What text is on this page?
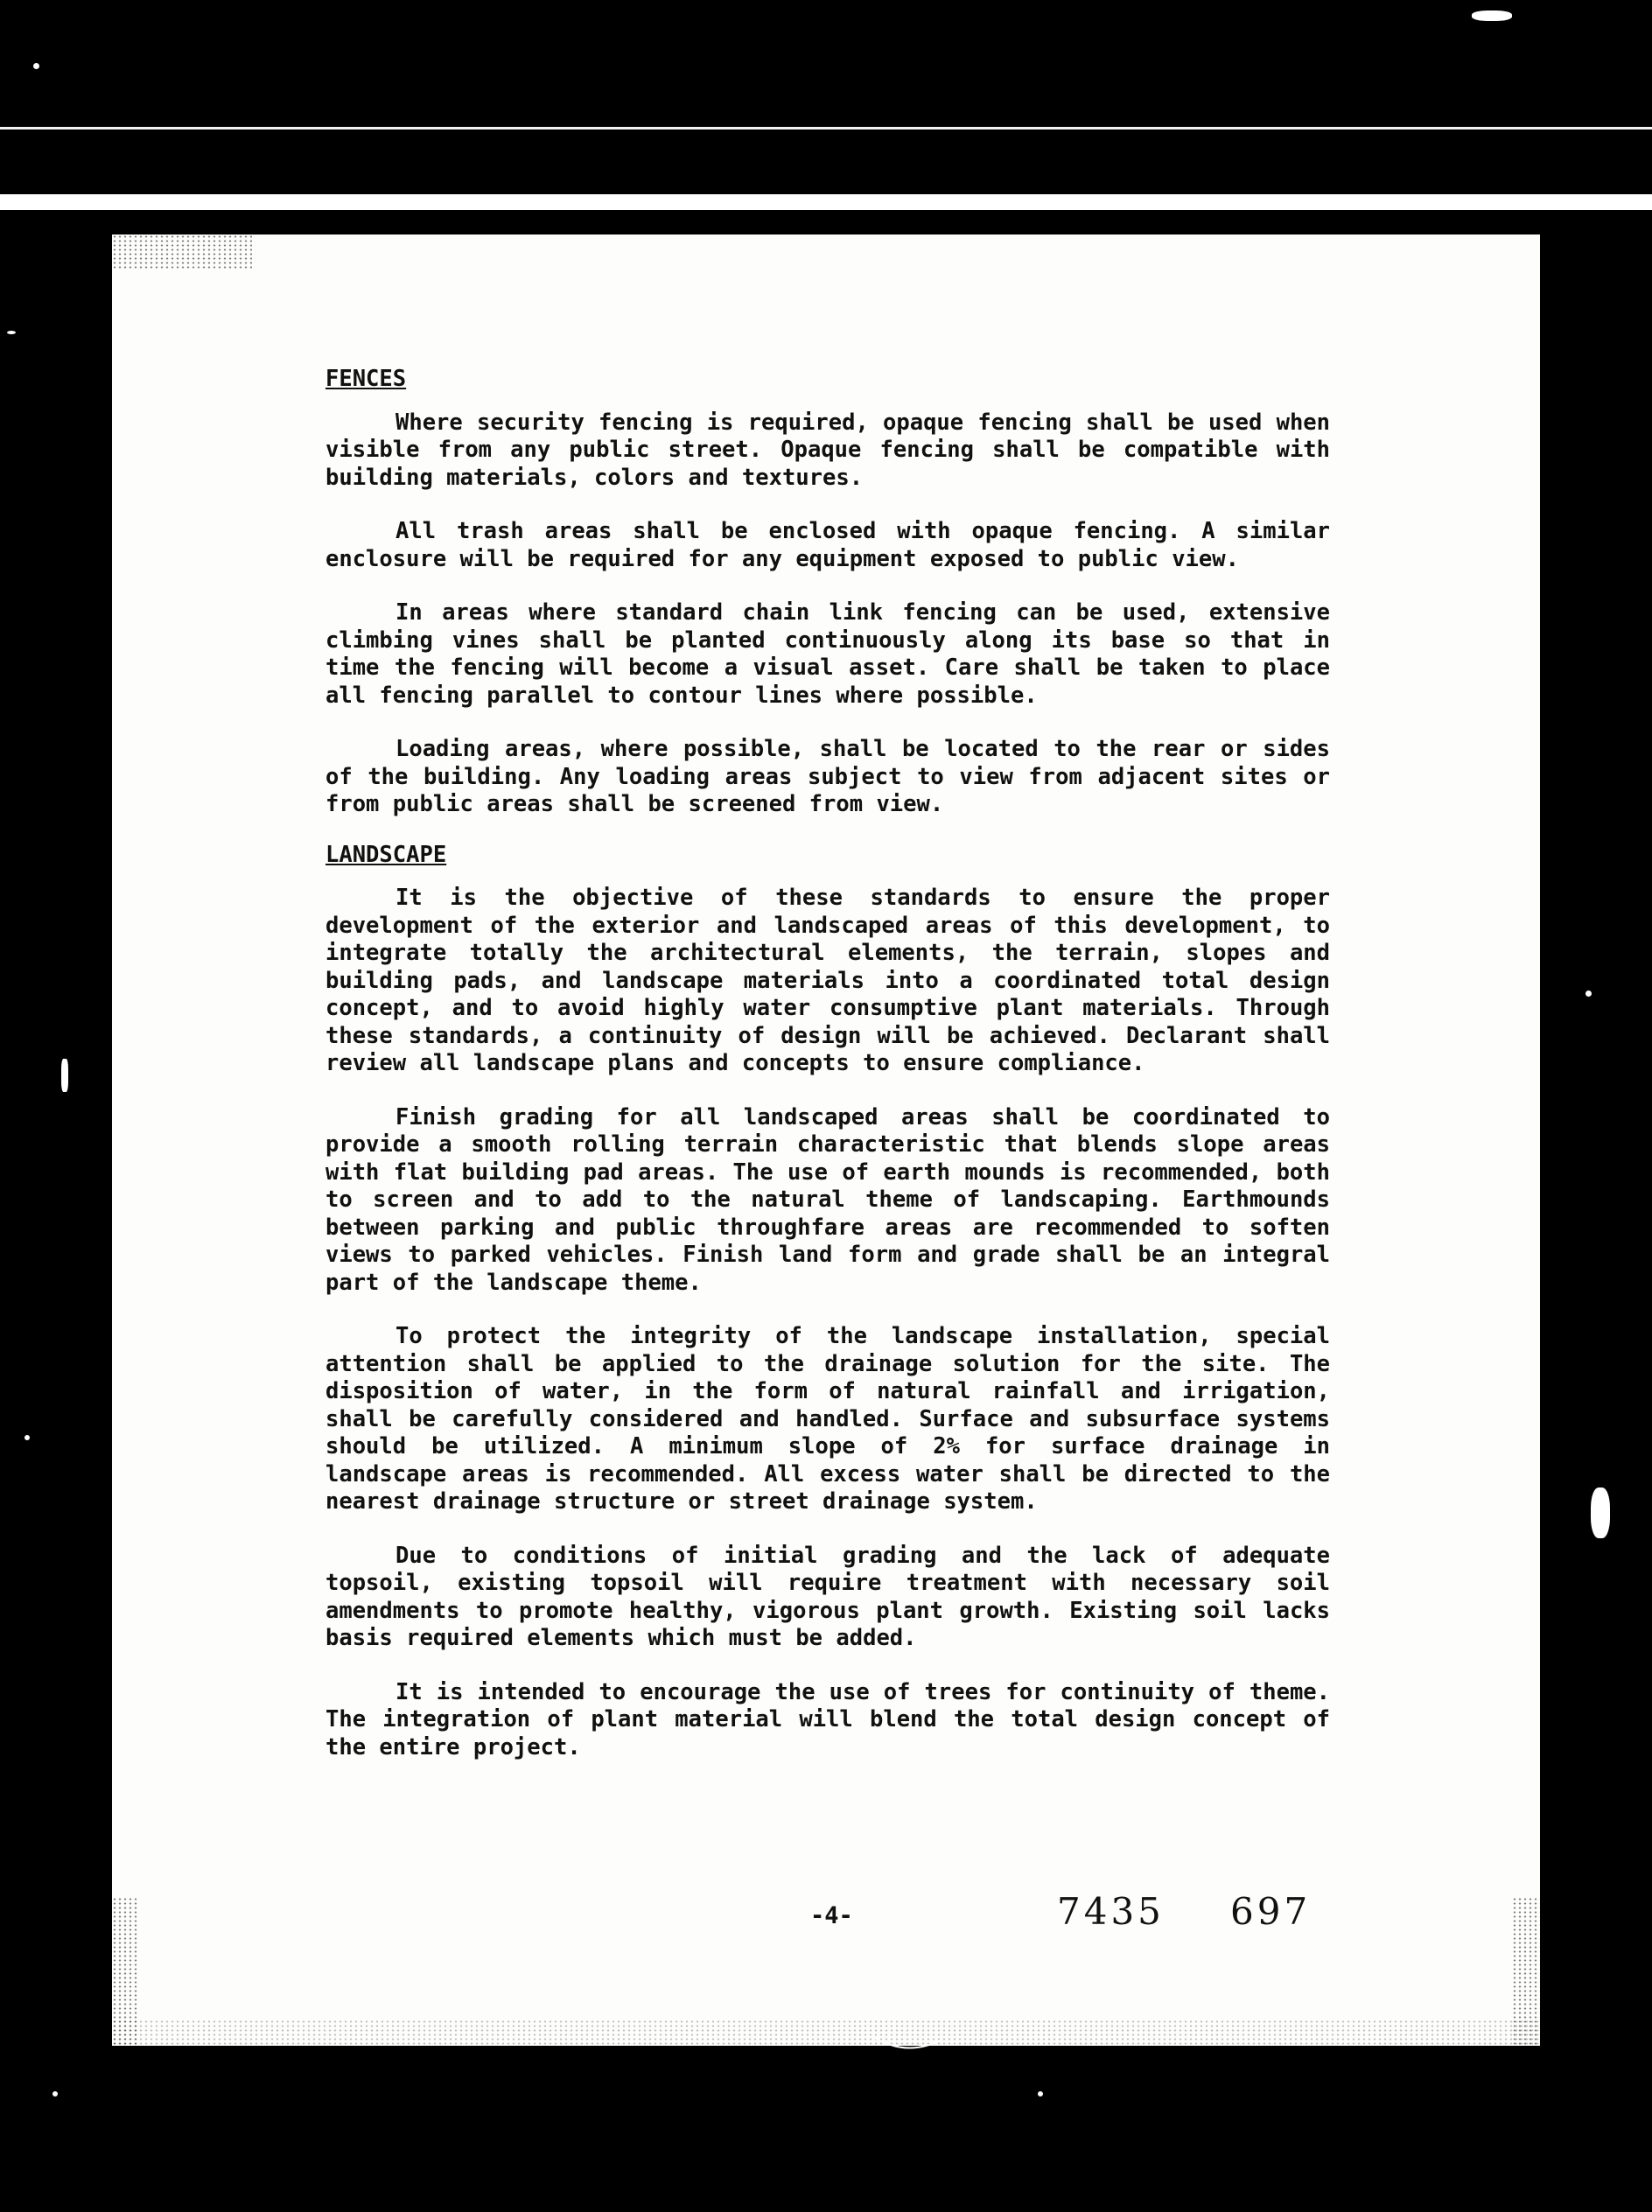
FENCES

Where security fencing is required, opaque fencing shall be used when visible from any public street. Opaque fencing shall be compatible with building materials, colors and textures.

All trash areas shall be enclosed with opaque fencing. A similar enclosure will be required for any equipment exposed to public view.

In areas where standard chain link fencing can be used, extensive climbing vines shall be planted continuously along its base so that in time the fencing will become a visual asset. Care shall be taken to place all fencing parallel to contour lines where possible.

Loading areas, where possible, shall be located to the rear or sides of the building. Any loading areas subject to view from adjacent sites or from public areas shall be screened from view.

LANDSCAPE

It is the objective of these standards to ensure the proper development of the exterior and landscaped areas of this development, to integrate totally the architectural elements, the terrain, slopes and building pads, and landscape materials into a coordinated total design concept, and to avoid highly water consumptive plant materials. Through these standards, a continuity of design will be achieved. Declarant shall review all landscape plans and concepts to ensure compliance.

Finish grading for all landscaped areas shall be coordinated to provide a smooth rolling terrain characteristic that blends slope areas with flat building pad areas. The use of earth mounds is recommended, both to screen and to add to the natural theme of landscaping. Earthmounds between parking and public throughfare areas are recommended to soften views to parked vehicles. Finish land form and grade shall be an integral part of the landscape theme.

To protect the integrity of the landscape installation, special attention shall be applied to the drainage solution for the site. The disposition of water, in the form of natural rainfall and irrigation, shall be carefully considered and handled. Surface and subsurface systems should be utilized. A minimum slope of 2% for surface drainage in landscape areas is recommended. All excess water shall be directed to the nearest drainage structure or street drainage system.

Due to conditions of initial grading and the lack of adequate topsoil, existing topsoil will require treatment with necessary soil amendments to promote healthy, vigorous plant growth. Existing soil lacks basis required elements which must be added.

It is intended to encourage the use of trees for continuity of theme. The integration of plant material will blend the total design concept of the entire project.

-4-	7435 697
